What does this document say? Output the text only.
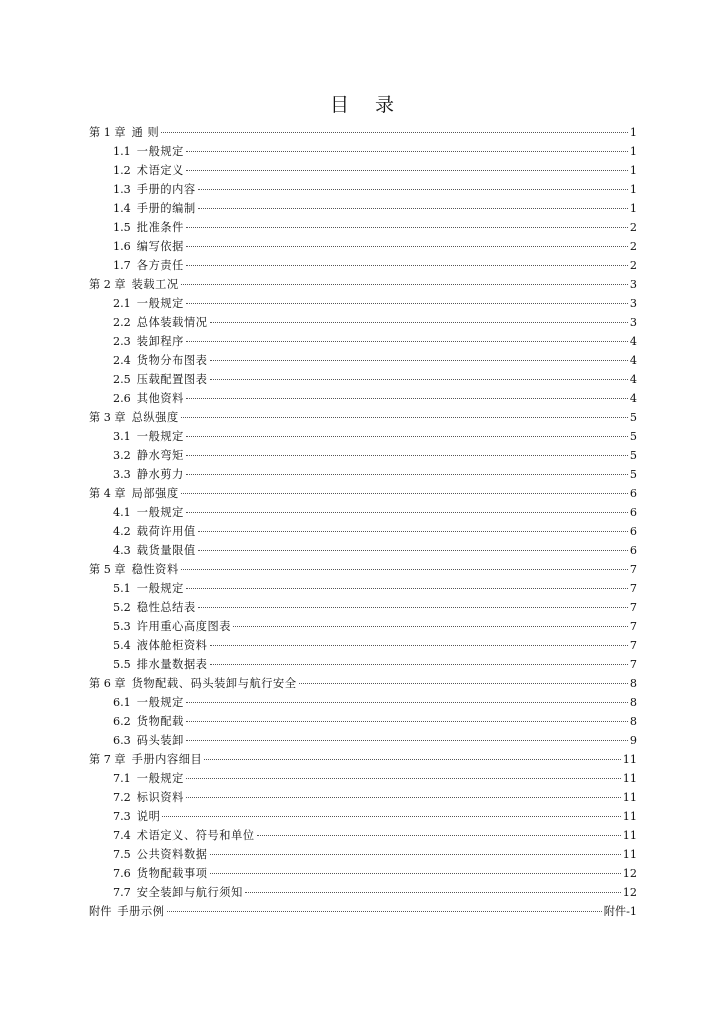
目 录
第 1 章 通 则	1
1.1 一般规定	1
1.2 术语定义	1
1.3 手册的内容	1
1.4 手册的编制	1
1.5 批准条件	2
1.6 编写依据	2
1.7 各方责任	2
第 2 章 装载工况	3
2.1 一般规定	3
2.2 总体装载情况	3
2.3 装卸程序	4
2.4 货物分布图表	4
2.5 压载配置图表	4
2.6 其他资料	4
第 3 章 总纵强度	5
3.1 一般规定	5
3.2 静水弯矩	5
3.3 静水剪力	5
第 4 章 局部强度	6
4.1 一般规定	6
4.2 载荷许用值	6
4.3 载货量限值	6
第 5 章 稳性资料	7
5.1 一般规定	7
5.2 稳性总结表	7
5.3 许用重心高度图表	7
5.4 液体舱柜资料	7
5.5 排水量数据表	7
第 6 章 货物配载、码头装卸与航行安全	8
6.1 一般规定	8
6.2 货物配载	8
6.3 码头装卸	9
第 7 章 手册内容细目	11
7.1 一般规定	11
7.2 标识资料	11
7.3 说明	11
7.4 术语定义、符号和单位	11
7.5 公共资料数据	11
7.6 货物配载事项	12
7.7 安全装卸与航行须知	12
附件 手册示例	附件-1
